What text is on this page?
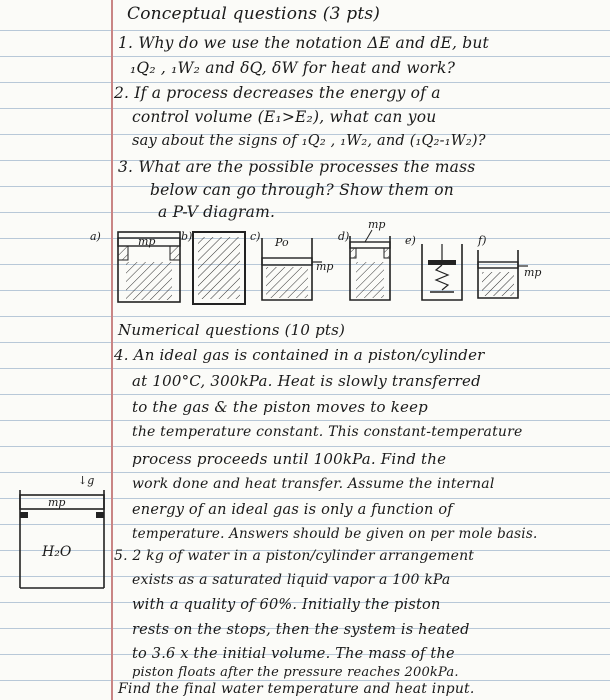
Conceptual questions (3 pts)
1. Why do we use the notation ΔE and dE, but
₁Q₂ , ₁W₂ and δQ, δW for heat and work?
2. If a process decreases the energy of a
control volume (E₁>E₂), what can you
say about the signs of ₁Q₂ , ₁W₂, and (₁Q₂-₁W₂)?
3. What are the possible processes the mass
below can go through? Show them on
a P-V diagram.
a)	mp b)	c) Po
mp
d)
mp
e)	f)
mp
Numerical questions (10 pts)
4. An ideal gas is contained in a piston/cylinder
at 100°C, 300kPa. Heat is slowly transferred
to the gas & the piston moves to keep
the temperature constant. This constant-temperature
process proceeds until 100kPa. Find the
work done and heat transfer. Assume the internal
energy of an ideal gas is only a function of
temperature. Answers should be given on per mole basis.
5. 2 kg of water in a piston/cylinder arrangement
exists as a saturated liquid vapor a 100 kPa
with a quality of 60%. Initially the piston
rests on the stops, then the system is heated
to 3.6 x the initial volume. The mass of the
piston floats after the pressure reaches 200kPa.
Find the final water temperature and heat input.
↓g
mp
H₂O
